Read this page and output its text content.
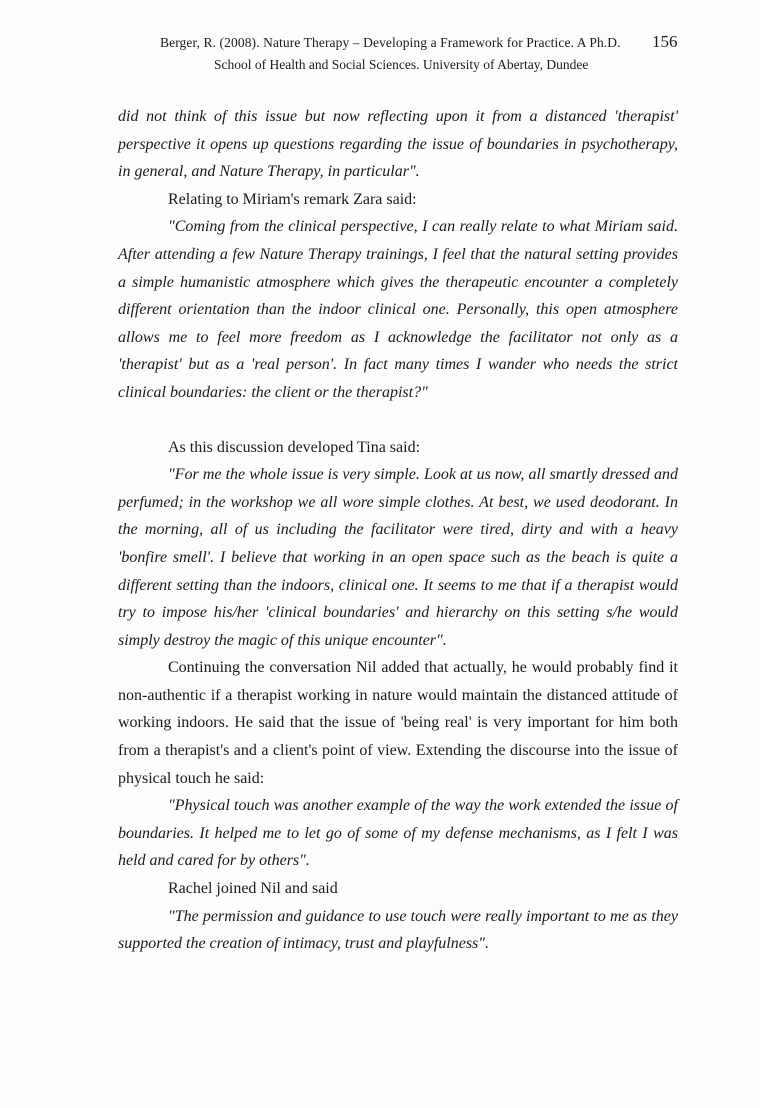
Berger, R. (2008). Nature Therapy – Developing a Framework for Practice. A Ph.D. 156
School of Health and Social Sciences. University of Abertay, Dundee

did not think of this issue but now reflecting upon it from a distanced 'therapist' perspective it opens up questions regarding the issue of boundaries in psychotherapy, in general, and Nature Therapy, in particular".

Relating to Miriam's remark Zara said:

"Coming from the clinical perspective, I can really relate to what Miriam said. After attending a few Nature Therapy trainings, I feel that the natural setting provides a simple humanistic atmosphere which gives the therapeutic encounter a completely different orientation than the indoor clinical one. Personally, this open atmosphere allows me to feel more freedom as I acknowledge the facilitator not only as a 'therapist' but as a 'real person'. In fact many times I wander who needs the strict clinical boundaries: the client or the therapist?"

As this discussion developed Tina said:

"For me the whole issue is very simple. Look at us now, all smartly dressed and perfumed; in the workshop we all wore simple clothes. At best, we used deodorant. In the morning, all of us including the facilitator were tired, dirty and with a heavy 'bonfire smell'. I believe that working in an open space such as the beach is quite a different setting than the indoors, clinical one. It seems to me that if a therapist would try to impose his/her 'clinical boundaries' and hierarchy on this setting s/he would simply destroy the magic of this unique encounter".

Continuing the conversation Nil added that actually, he would probably find it non-authentic if a therapist working in nature would maintain the distanced attitude of working indoors. He said that the issue of 'being real' is very important for him both from a therapist's and a client's point of view. Extending the discourse into the issue of physical touch he said:

"Physical touch was another example of the way the work extended the issue of boundaries. It helped me to let go of some of my defense mechanisms, as I felt I was held and cared for by others".

Rachel joined Nil and said

"The permission and guidance to use touch were really important to me as they supported the creation of intimacy, trust and playfulness".
